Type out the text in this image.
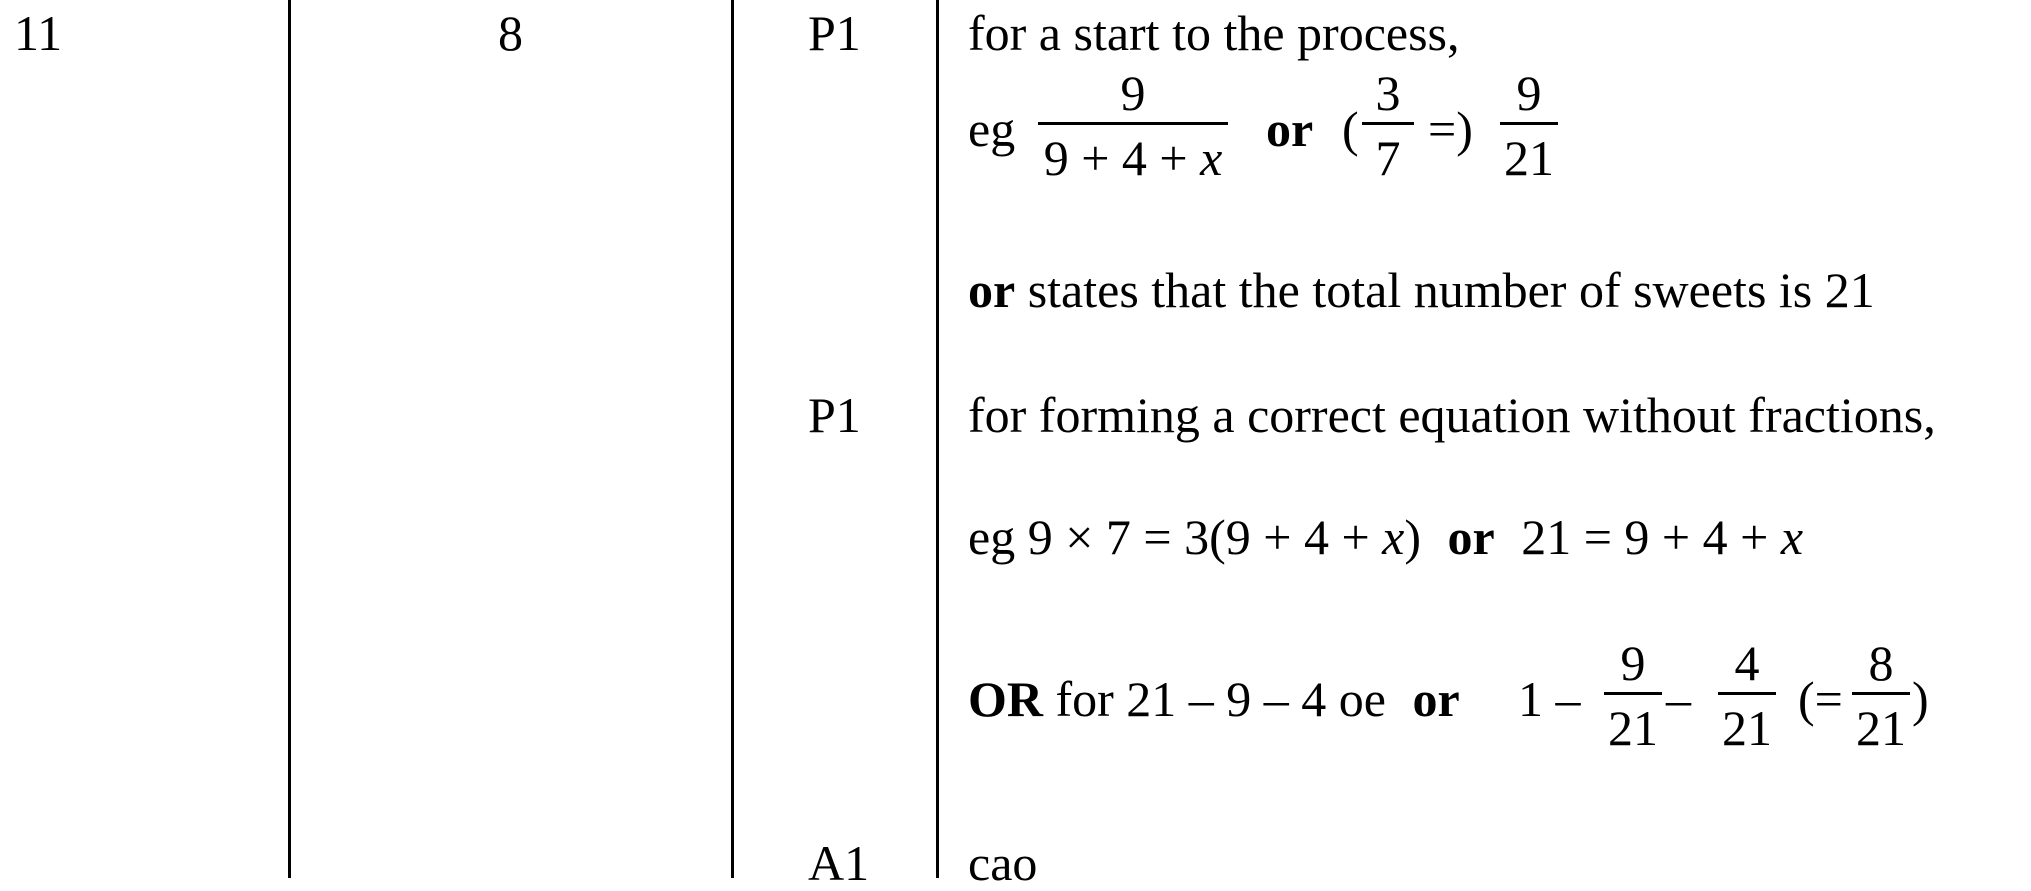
11	8	P1
P1
A1
for a start to the process,
eg
9
9 + 4 + x
or (
3
7
=)
9
21
or states that the total number of sweets is 21
for forming a correct equation without fractions,
eg 9 × 7 = 3(9 + 4 + x) or 21 = 9 + 4 + x
OR for 21 – 9 – 4 oe or 1 –
9
21
–
4
21
(=
8
21
)
cao
